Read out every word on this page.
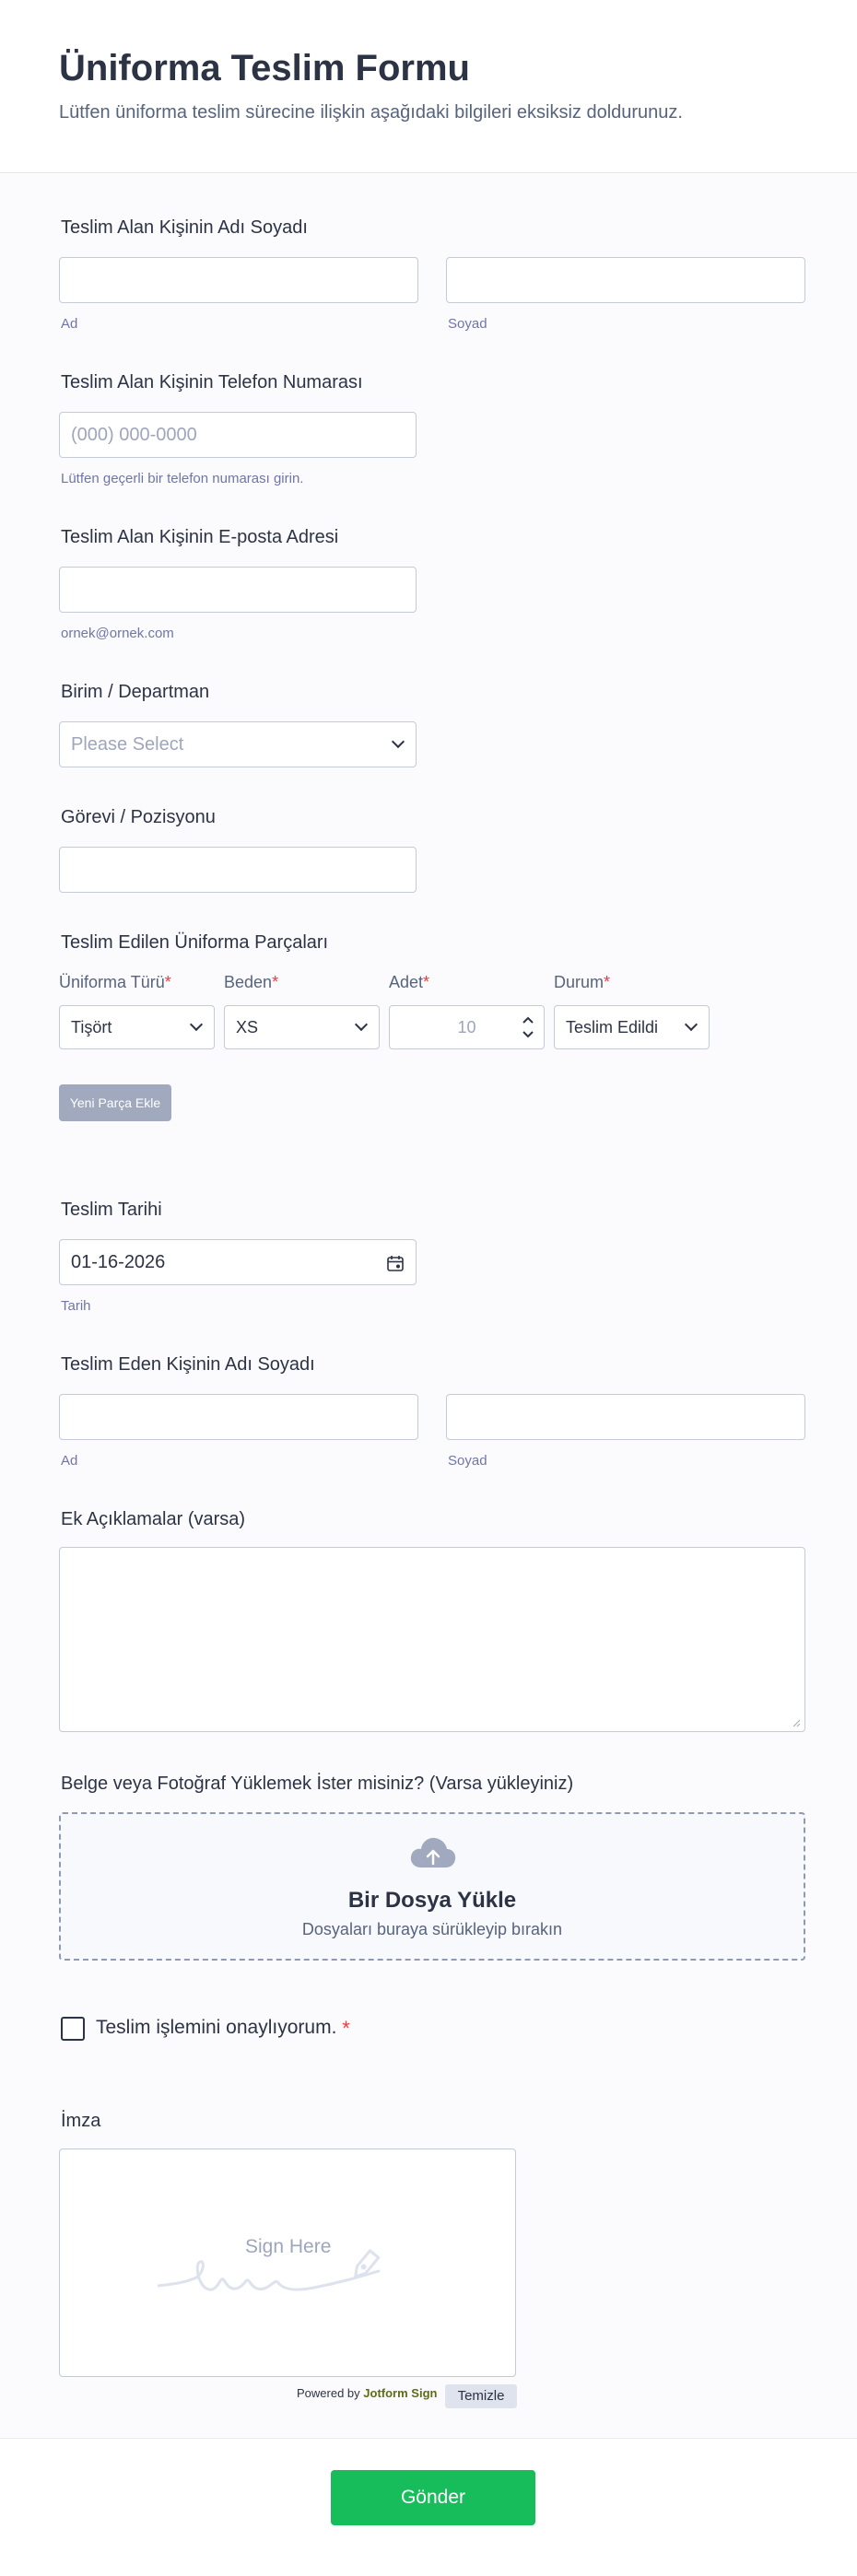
Üniforma Teslim Formu
Lütfen üniforma teslim sürecine ilişkin aşağıdaki bilgileri eksiksiz doldurunuz.
Teslim Alan Kişinin Adı Soyadı
Ad	Soyad
Teslim Alan Kişinin Telefon Numarası
(000) 000-0000
Lütfen geçerli bir telefon numarası girin.
Teslim Alan Kişinin E-posta Adresi
ornek@ornek.com
Birim / Departman
Please Select
Görevi / Pozisyonu
Teslim Edilen Üniforma Parçaları
Üniforma Türü*	Beden*	Adet*	Durum*
Tişört	XS	10	Teslim Edildi
Yeni Parça Ekle
Teslim Tarihi
01-16-2026
Tarih
Teslim Eden Kişinin Adı Soyadı
Ad	Soyad
Ek Açıklamalar (varsa)
Belge veya Fotoğraf Yüklemek İster misiniz? (Varsa yükleyiniz)
Bir Dosya Yükle
Dosyaları buraya sürükleyip bırakın
Teslim işlemini onaylıyorum. *
İmza
Sign Here
Powered by Jotform Sign	Temizle
Gönder
